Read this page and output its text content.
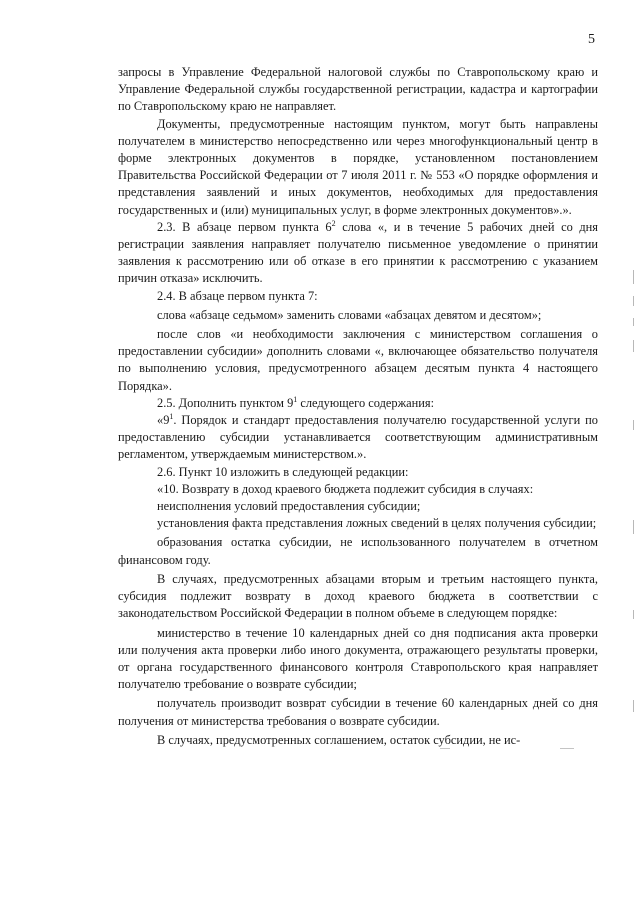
5

запросы в Управление Федеральной налоговой службы по Ставропольскому краю и Управление Федеральной службы государственной регистрации, кадастра и картографии по Ставропольскому краю не направляет.

Документы, предусмотренные настоящим пунктом, могут быть направлены получателем в министерство непосредственно или через многофункциональный центр в форме электронных документов в порядке, установленном постановлением Правительства Российской Федерации от 7 июля 2011 г. № 553 «О порядке оформления и представления заявлений и иных документов, необходимых для предоставления государственных и (или) муниципальных услуг, в форме электронных документов».».

2.3. В абзаце первом пункта $6^2$ слова «, и в течение 5 рабочих дней со дня регистрации заявления направляет получателю письменное уведомление о принятии заявления к рассмотрению или об отказе в его принятии к рассмотрению с указанием причин отказа» исключить.

2.4. В абзаце первом пункта 7:

слова «абзаце седьмом» заменить словами «абзацах девятом и десятом»;

после слов «и необходимости заключения с министерством соглашения о предоставлении субсидии» дополнить словами «, включающее обязательство получателя по выполнению условия, предусмотренного абзацем десятым пункта 4 настоящего Порядка».

2.5. Дополнить пунктом $9^1$ следующего содержания:

«$9^1$. Порядок и стандарт предоставления получателю государственной услуги по предоставлению субсидии устанавливается соответствующим административным регламентом, утверждаемым министерством.».

2.6. Пункт 10 изложить в следующей редакции:

«10. Возврату в доход краевого бюджета подлежит субсидия в случаях:

неисполнения условий предоставления субсидии;

установления факта представления ложных сведений в целях получения субсидии;

образования остатка субсидии, не использованного получателем в отчетном финансовом году.

В случаях, предусмотренных абзацами вторым и третьим настоящего пункта, субсидия подлежит возврату в доход краевого бюджета в соответствии с законодательством Российской Федерации в полном объеме в следующем порядке:

министерство в течение 10 календарных дней со дня подписания акта проверки или получения акта проверки либо иного документа, отражающего результаты проверки, от органа государственного финансового контроля Ставропольского края направляет получателю требование о возврате субсидии;

получатель производит возврат субсидии в течение 60 календарных дней со дня получения от министерства требования о возврате субсидии.

В случаях, предусмотренных соглашением, остаток субсидии, не ис-
